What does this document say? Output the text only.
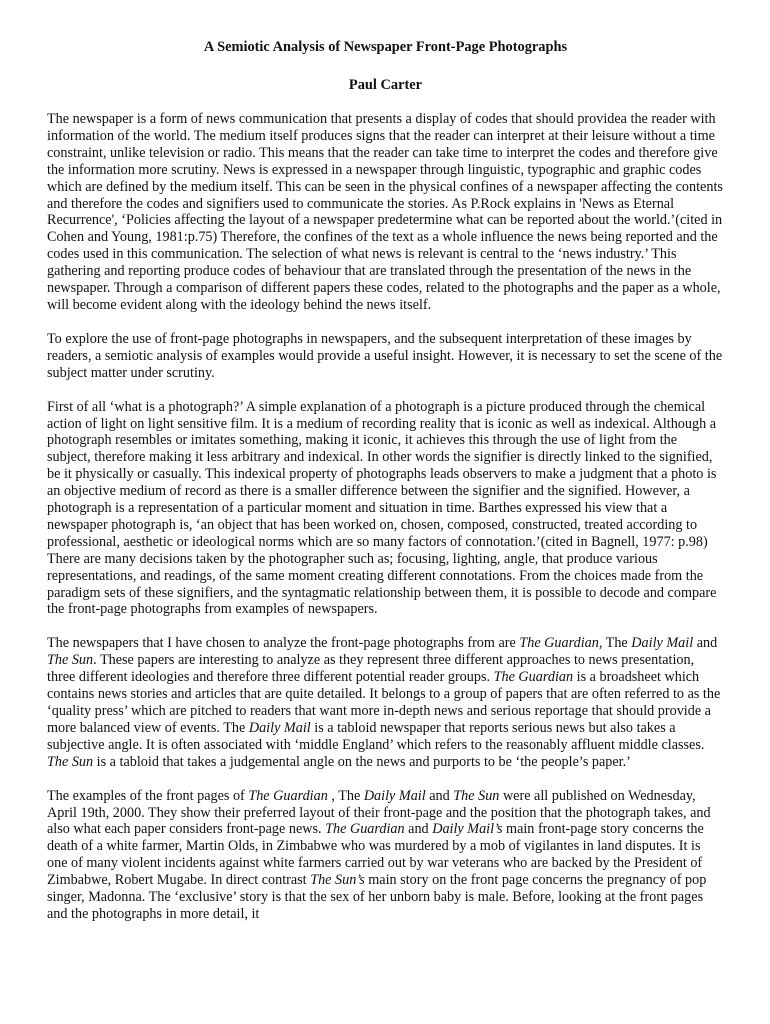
A Semiotic Analysis of Newspaper Front-Page Photographs

Paul Carter

The newspaper is a form of news communication that presents a display of codes that should providea the reader with information of the world. The medium itself produces signs that the reader can interpret at their leisure without a time constraint, unlike television or radio. This means that the reader can take time to interpret the codes and therefore give the information more scrutiny. News is expressed in a newspaper through linguistic, typographic and graphic codes which are defined by the medium itself. This can be seen in the physical confines of a newspaper affecting the contents and therefore the codes and signifiers used to communicate the stories. As P.Rock explains in 'News as Eternal Recurrence', ‘Policies affecting the layout of a newspaper predetermine what can be reported about the world.’(cited in Cohen and Young, 1981:p.75) Therefore, the confines of the text as a whole influence the news being reported and the codes used in this communication. The selection of what news is relevant is central to the ‘news industry.’ This gathering and reporting produce codes of behaviour that are translated through the presentation of the news in the newspaper. Through a comparison of different papers these codes, related to the photographs and the paper as a whole, will become evident along with the ideology behind the news itself.

To explore the use of front-page photographs in newspapers, and the subsequent interpretation of these images by readers, a semiotic analysis of examples would provide a useful insight. However, it is necessary to set the scene of the subject matter under scrutiny.

First of all ‘what is a photograph?’ A simple explanation of a photograph is a picture produced through the chemical action of light on light sensitive film. It is a medium of recording reality that is iconic as well as indexical. Although a photograph resembles or imitates something, making it iconic, it achieves this through the use of light from the subject, therefore making it less arbitrary and indexical. In other words the signifier is directly linked to the signified, be it physically or casually. This indexical property of photographs leads observers to make a judgment that a photo is an objective medium of record as there is a smaller difference between the signifier and the signified. However, a photograph is a representation of a particular moment and situation in time. Barthes expressed his view that a newspaper photograph is, ‘an object that has been worked on, chosen, composed, constructed, treated according to professional, aesthetic or ideological norms which are so many factors of connotation.’(cited in Bagnell, 1977: p.98) There are many decisions taken by the photographer such as; focusing, lighting, angle, that produce various representations, and readings, of the same moment creating different connotations. From the choices made from the paradigm sets of these signifiers, and the syntagmatic relationship between them, it is possible to decode and compare the front-page photographs from examples of newspapers.

The newspapers that I have chosen to analyze the front-page photographs from are The Guardian, The Daily Mail and The Sun. These papers are interesting to analyze as they represent three different approaches to news presentation, three different ideologies and therefore three different potential reader groups. The Guardian is a broadsheet which contains news stories and articles that are quite detailed. It belongs to a group of papers that are often referred to as the ‘quality press’ which are pitched to readers that want more in-depth news and serious reportage that should provide a more balanced view of events. The Daily Mail is a tabloid newspaper that reports serious news but also takes a subjective angle. It is often associated with ‘middle England’ which refers to the reasonably affluent middle classes. The Sun is a tabloid that takes a judgemental angle on the news and purports to be ‘the people’s paper.’

The examples of the front pages of The Guardian , The Daily Mail and The Sun were all published on Wednesday, April 19th, 2000. They show their preferred layout of their front-page and the position that the photograph takes, and also what each paper considers front-page news. The Guardian and Daily Mail’s main front-page story concerns the death of a white farmer, Martin Olds, in Zimbabwe who was murdered by a mob of vigilantes in land disputes. It is one of many violent incidents against white farmers carried out by war veterans who are backed by the President of Zimbabwe, Robert Mugabe. In direct contrast The Sun’s main story on the front page concerns the pregnancy of pop singer, Madonna. The ‘exclusive’ story is that the sex of her unborn baby is male. Before, looking at the front pages and the photographs in more detail, it
